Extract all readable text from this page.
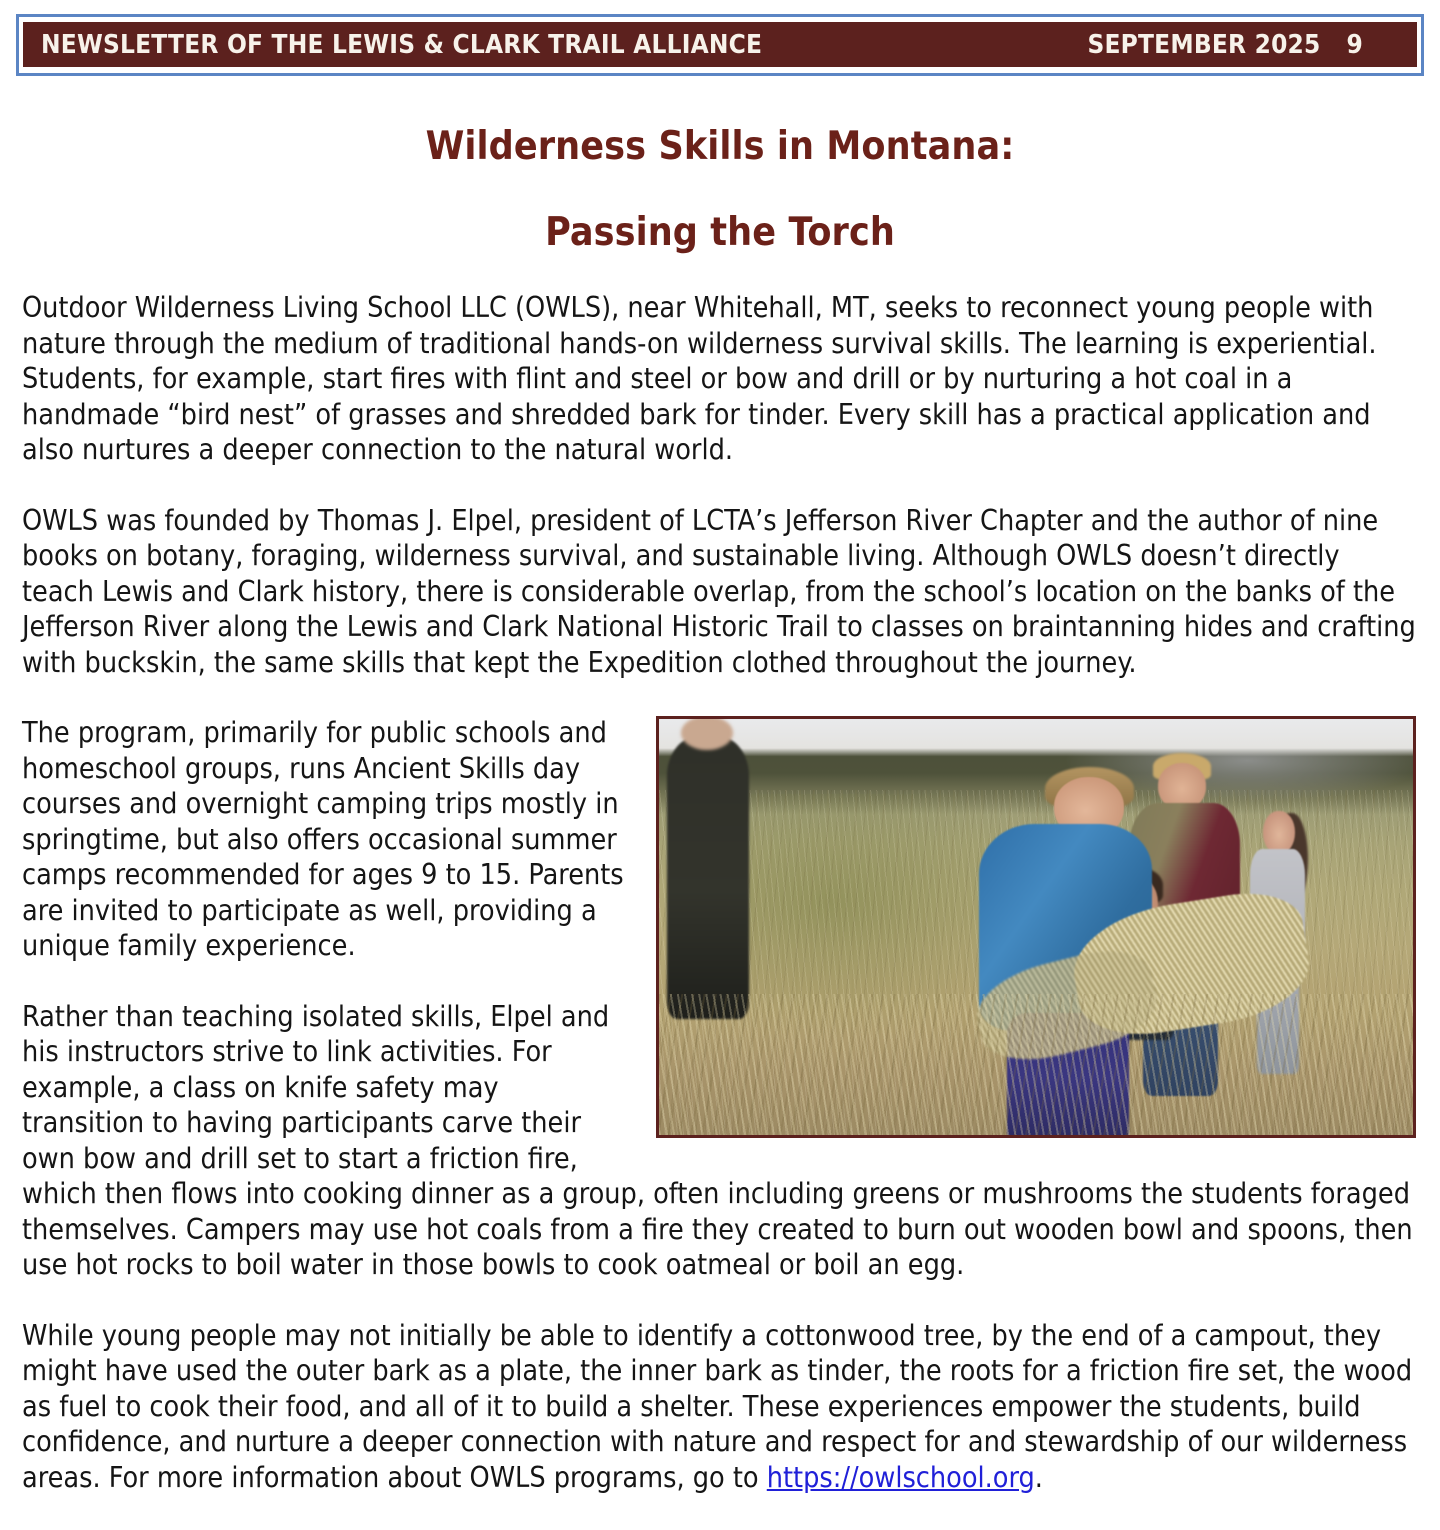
NEWSLETTER OF THE LEWIS & CLARK TRAIL ALLIANCE	SEPTEMBER 2025 9
Wilderness Skills in Montana:
Passing the Torch

Outdoor Wilderness Living School LLC (OWLS), near Whitehall, MT, seeks to reconnect young people with nature through the medium of traditional hands-on wilderness survival skills. The learning is experiential. Students, for example, start fires with flint and steel or bow and drill or by nurturing a hot coal in a handmade “bird nest” of grasses and shredded bark for tinder. Every skill has a practical application and also nurtures a deeper connection to the natural world.

OWLS was founded by Thomas J. Elpel, president of LCTA’s Jefferson River Chapter and the author of nine books on botany, foraging, wilderness survival, and sustainable living. Although OWLS doesn’t directly teach Lewis and Clark history, there is considerable overlap, from the school’s location on the banks of the Jefferson River along the Lewis and Clark National Historic Trail to classes on braintanning hides and crafting with buckskin, the same skills that kept the Expedition clothed throughout the journey.

The program, primarily for public schools and homeschool groups, runs Ancient Skills day courses and overnight camping trips mostly in springtime, but also offers occasional summer camps recommended for ages 9 to 15. Parents are invited to participate as well, providing a unique family experience.

Rather than teaching isolated skills, Elpel and his instructors strive to link activities. For example, a class on knife safety may transition to having participants carve their own bow and drill set to start a friction fire, which then flows into cooking dinner as a group, often including greens or mushrooms the students foraged themselves. Campers may use hot coals from a fire they created to burn out wooden bowl and spoons, then use hot rocks to boil water in those bowls to cook oatmeal or boil an egg.

While young people may not initially be able to identify a cottonwood tree, by the end of a campout, they might have used the outer bark as a plate, the inner bark as tinder, the roots for a friction fire set, the wood as fuel to cook their food, and all of it to build a shelter. These experiences empower the students, build confidence, and nurture a deeper connection with nature and respect for and stewardship of our wilderness areas. For more information about OWLS programs, go to https://owlschool.org.
